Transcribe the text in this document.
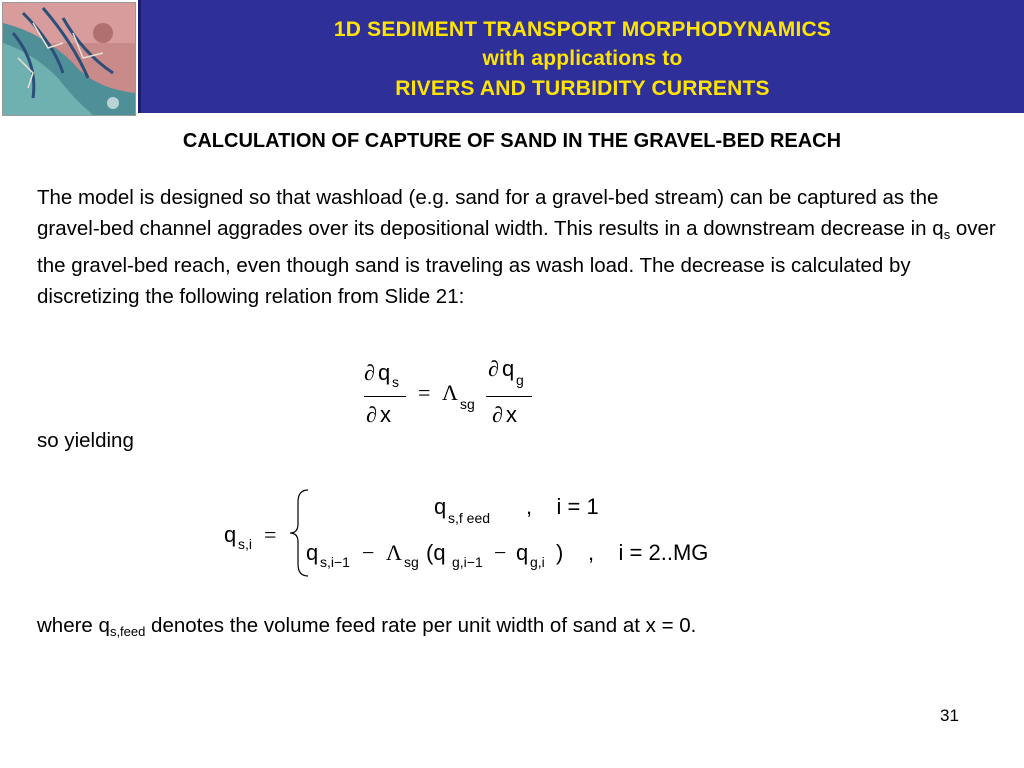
1D SEDIMENT TRANSPORT MORPHODYNAMICS
with applications to
RIVERS AND TURBIDITY CURRENTS
CALCULATION OF CAPTURE OF SAND IN THE GRAVEL-BED REACH
The model is designed so that washload (e.g. sand for a gravel-bed stream) can be captured as the gravel-bed channel aggrades over its depositional width. This results in a downstream decrease in $q_s$ over the gravel-bed reach, even though sand is traveling as wash load. The decrease is calculated by discretizing the following relation from Slide 21:
∂ q s
∂ x
= Λ sg
∂ q g
∂ x
so yielding
q s,i =
q s,f eed ,    i = 1
q s,i−1 − Λ sg (q g,i−1 − q g,i ) ,    i = 2..MG
where $q_{s,feed}$ denotes the volume feed rate per unit width of sand at x = 0.
31
